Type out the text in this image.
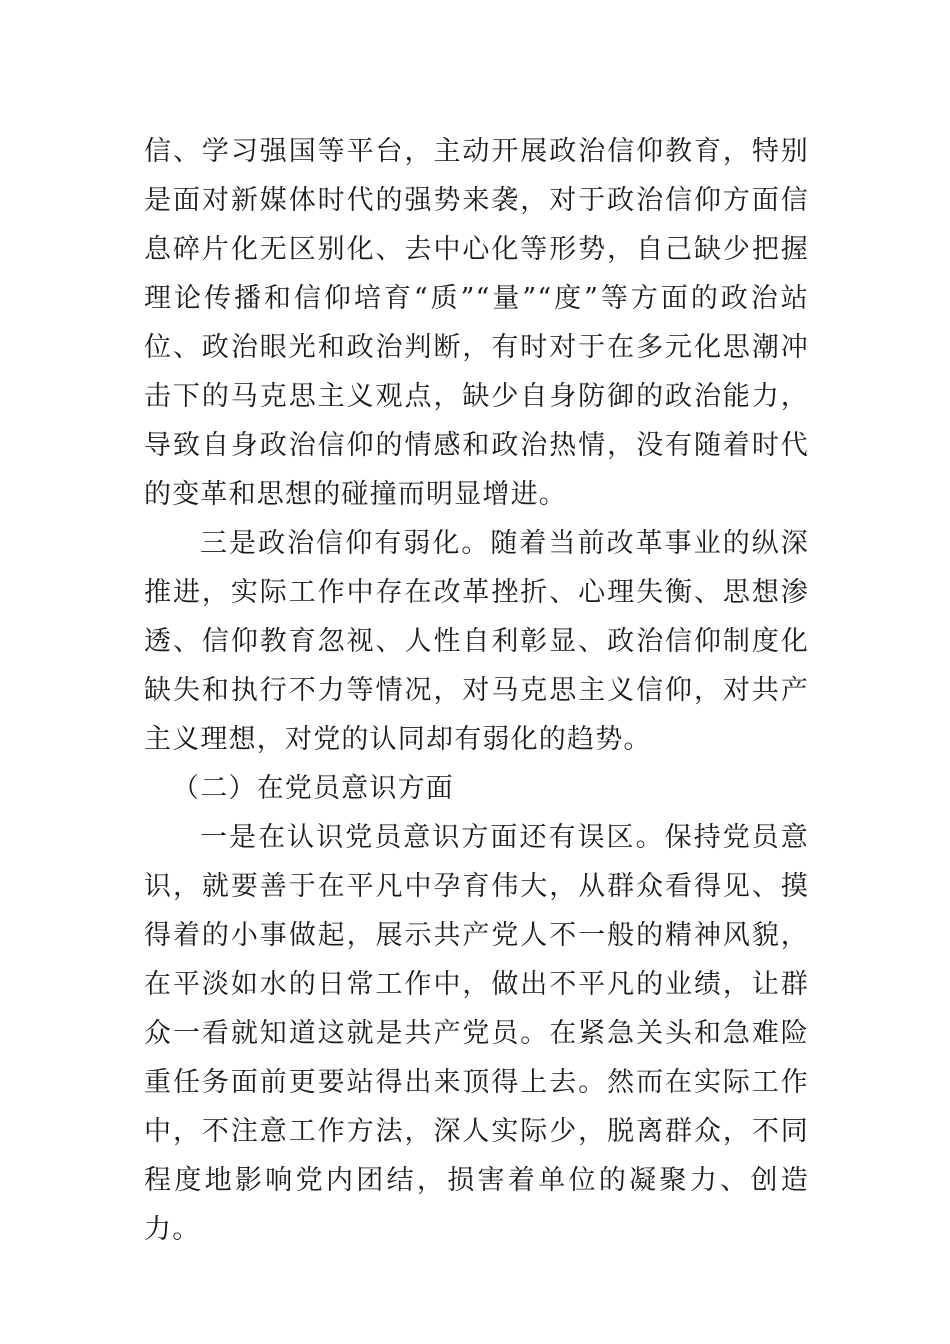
信、学习强国等平台，主动开展政治信仰教育，特别是面对新媒体时代的强势来袭，对于政治信仰方面信息碎片化无区别化、去中心化等形势，自己缺少把握理论传播和信仰培育“质”“量”“度”等方面的政治站位、政治眼光和政治判断，有时对于在多元化思潮冲击下的马克思主义观点，缺少自身防御的政治能力，导致自身政治信仰的情感和政治热情，没有随着时代的变革和思想的碰撞而明显增进。

三是政治信仰有弱化。随着当前改革事业的纵深推进，实际工作中存在改革挫折、心理失衡、思想渗透、信仰教育忽视、人性自利彰显、政治信仰制度化缺失和执行不力等情况，对马克思主义信仰，对共产主义理想，对党的认同却有弱化的趋势。

（二）在党员意识方面

一是在认识党员意识方面还有误区。保持党员意识，就要善于在平凡中孕育伟大，从群众看得见、摸得着的小事做起，展示共产党人不一般的精神风貌，在平淡如水的日常工作中，做出不平凡的业绩，让群众一看就知道这就是共产党员。在紧急关头和急难险重任务面前更要站得出来顶得上去。然而在实际工作中，不注意工作方法，深人实际少，脱离群众，不同程度地影响党内团结，损害着单位的凝聚力、创造力。
